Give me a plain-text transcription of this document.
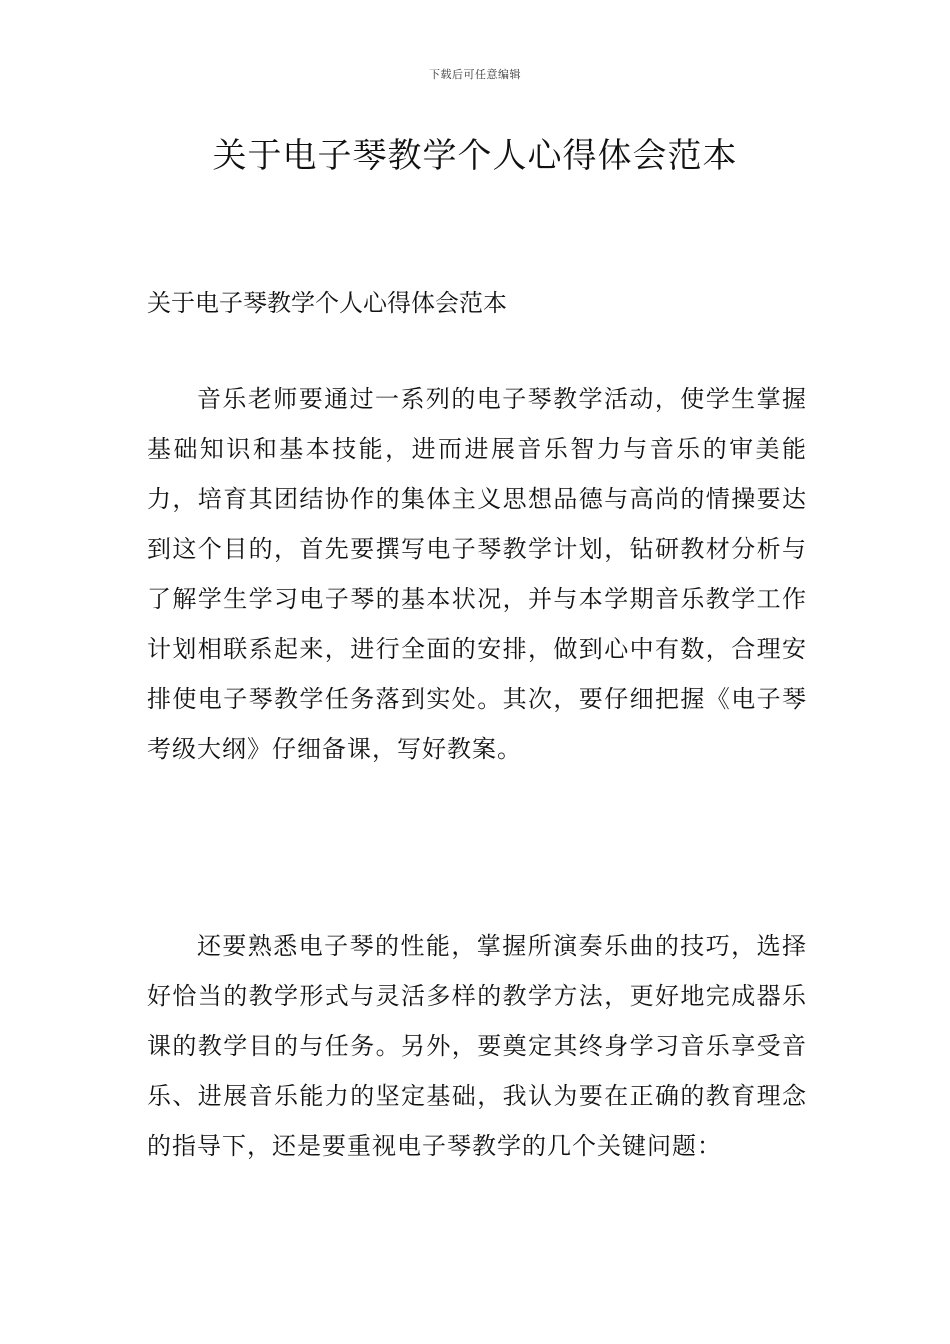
下载后可任意编辑
关于电子琴教学个人心得体会范本

关于电子琴教学个人心得体会范本

音乐老师要通过一系列的电子琴教学活动，使学生掌握基础知识和基本技能，进而进展音乐智力与音乐的审美能力，培育其团结协作的集体主义思想品德与高尚的情操要达到这个目的，首先要撰写电子琴教学计划，钻研教材分析与了解学生学习电子琴的基本状况，并与本学期音乐教学工作计划相联系起来，进行全面的安排，做到心中有数，合理安排使电子琴教学任务落到实处。其次，要仔细把握《电子琴考级大纲》仔细备课，写好教案。

还要熟悉电子琴的性能，掌握所演奏乐曲的技巧，选择好恰当的教学形式与灵活多样的教学方法，更好地完成器乐课的教学目的与任务。另外，要奠定其终身学习音乐享受音乐、进展音乐能力的坚定基础，我认为要在正确的教育理念的指导下，还是要重视电子琴教学的几个关键问题：
